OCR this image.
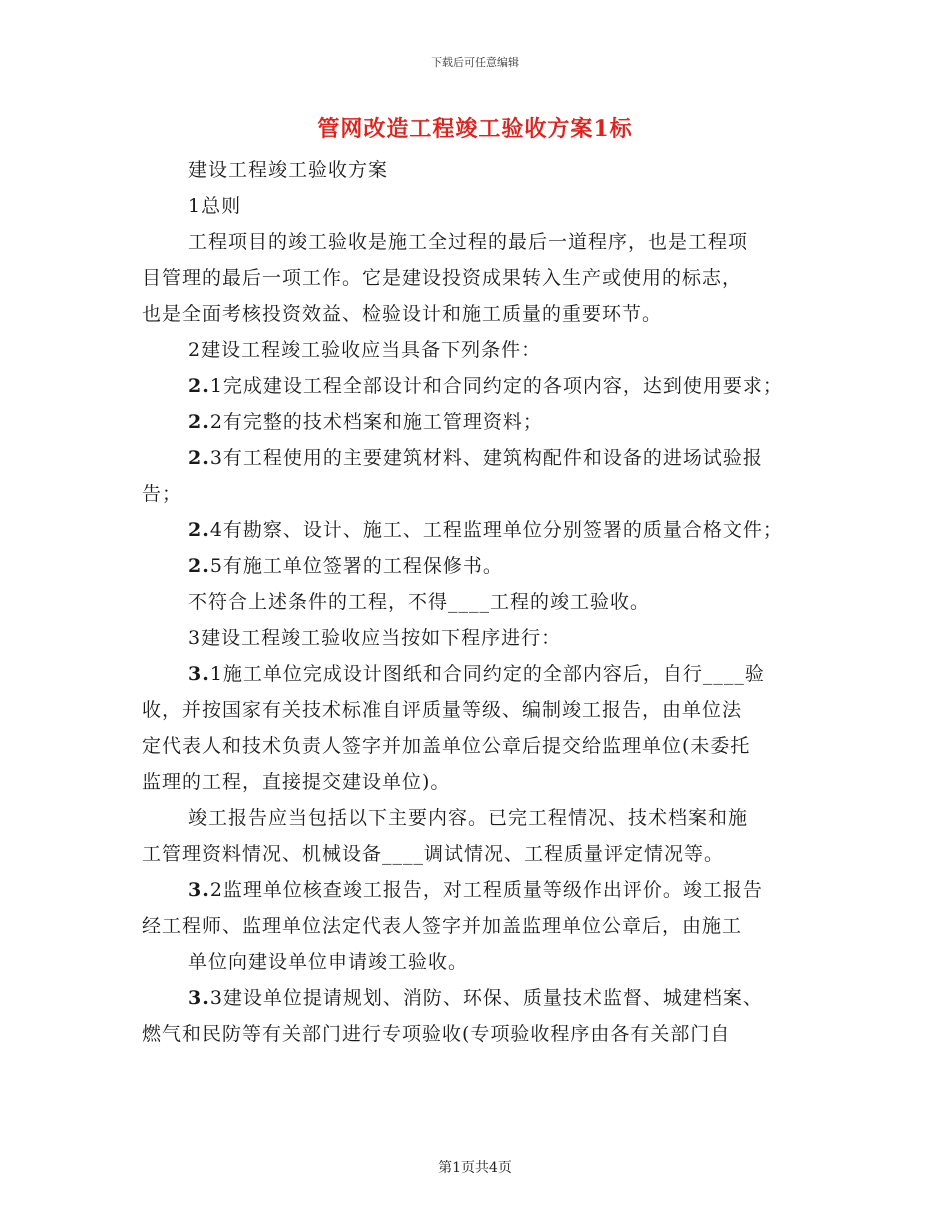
下载后可任意编辑
管网改造工程竣工验收方案1标
建设工程竣工验收方案
1总则
工程项目的竣工验收是施工全过程的最后一道程序，也是工程项
目管理的最后一项工作。它是建设投资成果转入生产或使用的标志，
也是全面考核投资效益、检验设计和施工质量的重要环节。
2建设工程竣工验收应当具备下列条件：
2.1完成建设工程全部设计和合同约定的各项内容，达到使用要求；
2.2有完整的技术档案和施工管理资料；
2.3有工程使用的主要建筑材料、建筑构配件和设备的进场试验报
告；
2.4有勘察、设计、施工、工程监理单位分别签署的质量合格文件；
2.5有施工单位签署的工程保修书。
不符合上述条件的工程，不得____工程的竣工验收。
3建设工程竣工验收应当按如下程序进行：
3.1施工单位完成设计图纸和合同约定的全部内容后，自行____验
收，并按国家有关技术标准自评质量等级、编制竣工报告，由单位法
定代表人和技术负责人签字并加盖单位公章后提交给监理单位(未委托
监理的工程，直接提交建设单位)。
竣工报告应当包括以下主要内容。已完工程情况、技术档案和施
工管理资料情况、机械设备____调试情况、工程质量评定情况等。
3.2监理单位核查竣工报告，对工程质量等级作出评价。竣工报告
经工程师、监理单位法定代表人签字并加盖监理单位公章后，由施工
单位向建设单位申请竣工验收。
3.3建设单位提请规划、消防、环保、质量技术监督、城建档案、
燃气和民防等有关部门进行专项验收(专项验收程序由各有关部门自
第1页共4页
